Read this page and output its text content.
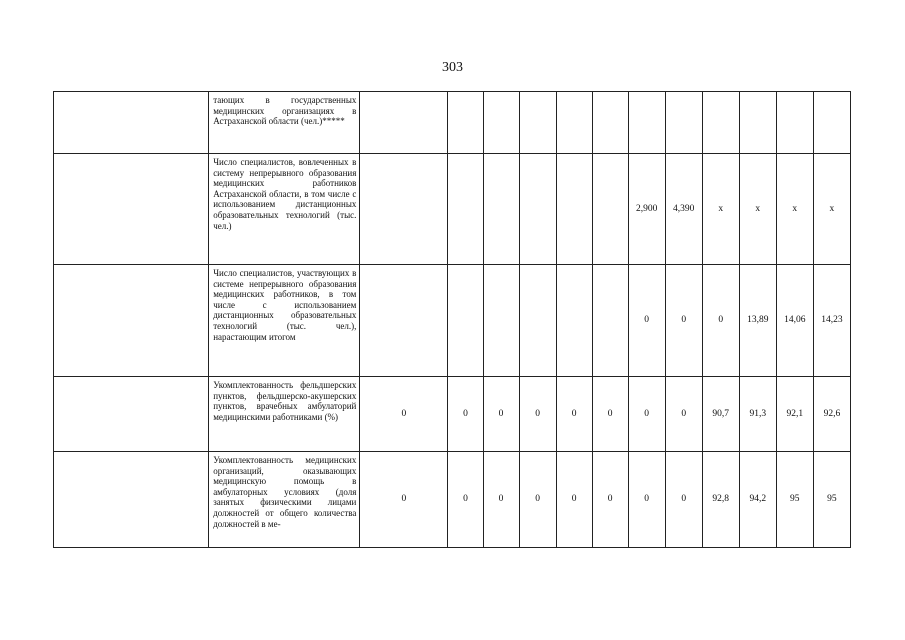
303
	тающих в государственных медицинских организациях в Астраханской области (чел.)*****												
	Число специалистов, вовлеченных в систему непрерывного образования медицинских работников Астраханской области, в том числе с использованием дистанционных образовательных технологий (тыс. чел.)							2,900	4,390	x	x	x	x
	Число специалистов, участвующих в системе непрерывного образования медицинских работников, в том числе с использованием дистанционных образовательных технологий (тыс. чел.), нарастающим итогом							0	0	0	13,89	14,06	14,23
	Укомплектованность фельдшерских пунктов, фельдшерско-акушерских пунктов, врачебных амбулаторий медицинскими работниками (%)	0	0	0	0	0	0	0	0	90,7	91,3	92,1	92,6
	Укомплектованность медицинских организаций, оказывающих медицинскую помощь в амбулаторных условиях (доля занятых физическими лицами должностей от общего количества должностей в ме-	0	0	0	0	0	0	0	0	92,8	94,2	95	95
